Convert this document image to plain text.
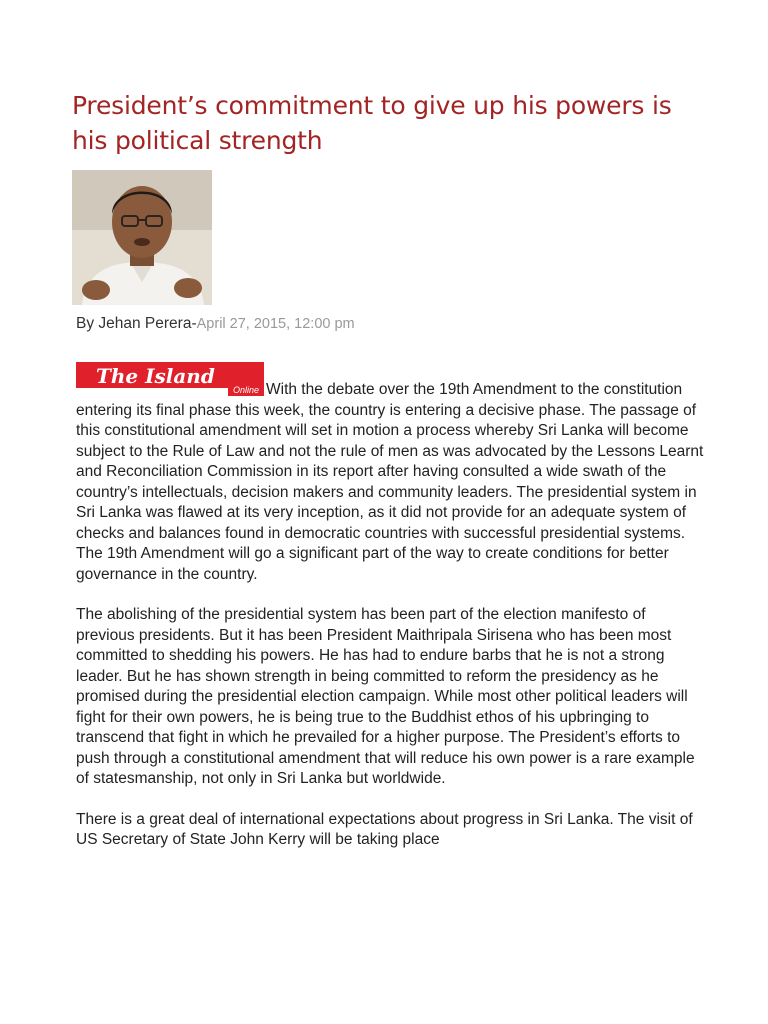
President’s commitment to give up his powers is his political strength
By Jehan Perera-April 27, 2015, 12:00 pm
The Island
Online With the debate over the 19th Amendment to the constitution entering its final phase this week, the country is entering a decisive phase. The passage of this constitutional amendment will set in motion a process whereby Sri Lanka will become subject to the Rule of Law and not the rule of men as was advocated by the Lessons Learnt and Reconciliation Commission in its report after having consulted a wide swath of the country’s intellectuals, decision makers and community leaders. The presidential system in Sri Lanka was flawed at its very inception, as it did not provide for an adequate system of checks and balances found in democratic countries with successful presidential systems. The 19th Amendment will go a significant part of the way to create conditions for better governance in the country.

The abolishing of the presidential system has been part of the election manifesto of previous presidents. But it has been President Maithripala Sirisena who has been most committed to shedding his powers. He has had to endure barbs that he is not a strong leader. But he has shown strength in being committed to reform the presidency as he promised during the presidential election campaign. While most other political leaders will fight for their own powers, he is being true to the Buddhist ethos of his upbringing to transcend that fight in which he prevailed for a higher purpose. The President’s efforts to push through a constitutional amendment that will reduce his own power is a rare example of statesmanship, not only in Sri Lanka but worldwide.

There is a great deal of international expectations about progress in Sri Lanka. The visit of US Secretary of State John Kerry will be taking place
